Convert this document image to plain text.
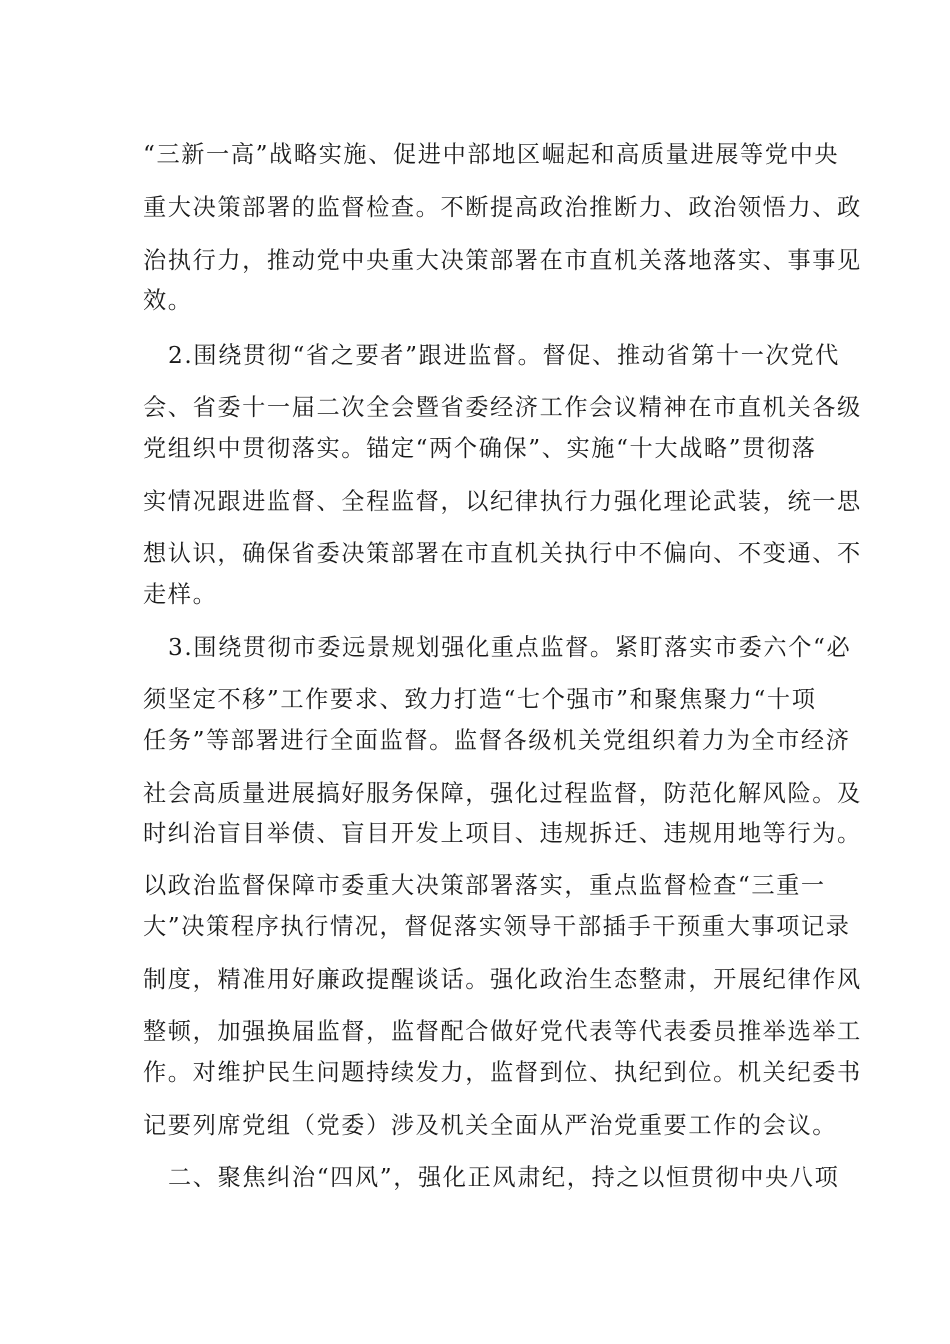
“三新一高”战略实施、促进中部地区崛起和高质量进展等党中央
重大决策部署的监督检查。不断提高政治推断力、政治领悟力、政
治执行力，推动党中央重大决策部署在市直机关落地落实、事事见
效。
2.围绕贯彻“省之要者”跟进监督。督促、推动省第十一次党代
会、省委十一届二次全会暨省委经济工作会议精神在市直机关各级
党组织中贯彻落实。锚定“两个确保”、实施“十大战略”贯彻落
实情况跟进监督、全程监督，以纪律执行力强化理论武装，统一思
想认识，确保省委决策部署在市直机关执行中不偏向、不变通、不
走样。
3.围绕贯彻市委远景规划强化重点监督。紧盯落实市委六个“必
须坚定不移”工作要求、致力打造“七个强市”和聚焦聚力“十项
任务”等部署进行全面监督。监督各级机关党组织着力为全市经济
社会高质量进展搞好服务保障，强化过程监督，防范化解风险。及
时纠治盲目举债、盲目开发上项目、违规拆迁、违规用地等行为。
以政治监督保障市委重大决策部署落实，重点监督检查“三重一
大”决策程序执行情况，督促落实领导干部插手干预重大事项记录
制度，精准用好廉政提醒谈话。强化政治生态整肃，开展纪律作风
整顿，加强换届监督，监督配合做好党代表等代表委员推举选举工
作。对维护民生问题持续发力，监督到位、执纪到位。机关纪委书
记要列席党组（党委）涉及机关全面从严治党重要工作的会议。
二、聚焦纠治“四风”，强化正风肃纪，持之以恒贯彻中央八项
